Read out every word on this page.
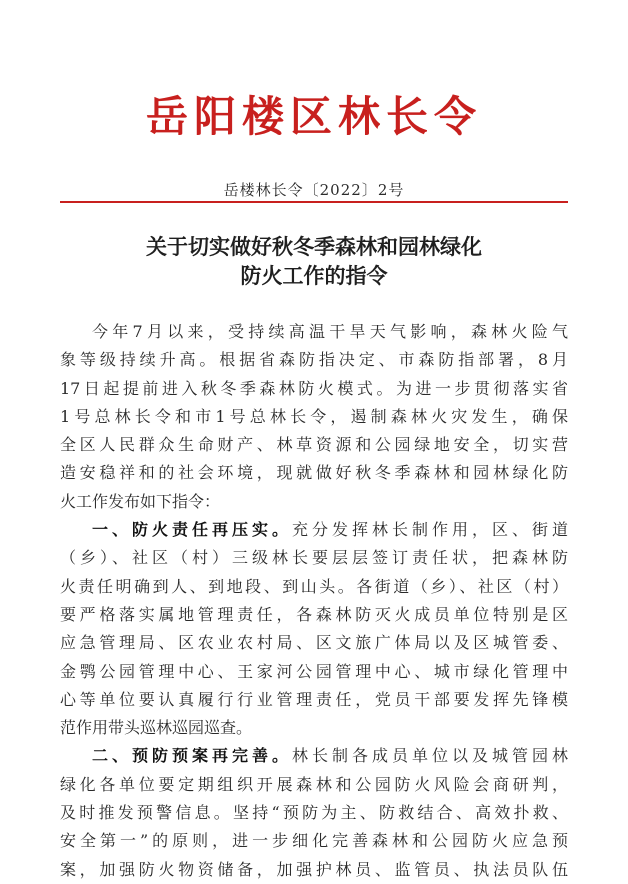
岳阳楼区林长令
岳楼林长令〔2022〕2号
关于切实做好秋冬季森林和园林绿化
防火工作的指令
今年7月以来，受持续高温干旱天气影响，森林火险气
象等级持续升高。根据省森防指决定、市森防指部署，8月
17日起提前进入秋冬季森林防火模式。为进一步贯彻落实省
1号总林长令和市1号总林长令，遏制森林火灾发生，确保
全区人民群众生命财产、林草资源和公园绿地安全，切实营
造安稳祥和的社会环境，现就做好秋冬季森林和园林绿化防
火工作发布如下指令：
一、防火责任再压实。充分发挥林长制作用，区、街道
（乡）、社区（村）三级林长要层层签订责任状，把森林防
火责任明确到人、到地段、到山头。各街道（乡）、社区（村）
要严格落实属地管理责任，各森林防灭火成员单位特别是区
应急管理局、区农业农村局、区文旅广体局以及区城管委、
金鹗公园管理中心、王家河公园管理中心、城市绿化管理中
心等单位要认真履行行业管理责任，党员干部要发挥先锋模
范作用带头巡林巡园巡查。
二、预防预案再完善。林长制各成员单位以及城管园林
绿化各单位要定期组织开展森林和公园防火风险会商研判，
及时推发预警信息。坚持“预防为主、防救结合、高效扑救、
安全第一”的原则，进一步细化完善森林和公园防火应急预
案，加强防火物资储备，加强护林员、监管员、执法员队伍
